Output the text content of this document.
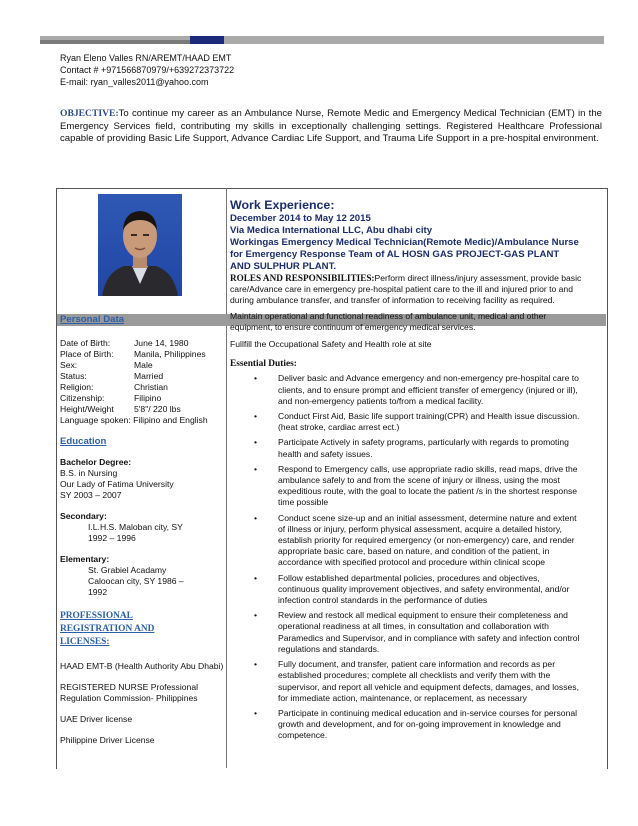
Ryan Eleno Valles RN/AREMT/HAAD EMT
Contact # +971566870979/+639272373722
E-mail: ryan_valles2011@yahoo.com
OBJECTIVE:To continue my career as an Ambulance Nurse, Remote Medic and Emergency Medical Technician (EMT) in the Emergency Services field, contributing my skills in exceptionally challenging settings. Registered Healthcare Professional capable of providing Basic Life Support, Advance Cardiac Life Support, and Trauma Life Support in a pre-hospital environment.
Personal Data
Date of Birth:	June 14, 1980
Place of Birth:	Manila, Philippines
Sex:	Male
Status:	Married
Religion:	Christian
Citizenship:	Filipino
Height/Weight	5'8"/ 220 lbs
Language spoken: Filipino and English
Education
Bachelor Degree:
B.S. in Nursing
Our Lady of Fatima University
SY 2003 – 2007
Secondary:
I.L.H.S. Maloban city, SY
1992 – 1996
Elementary:
St. Grabiel Acadamy
Caloocan city, SY 1986 –
1992
PROFESSIONAL
REGISTRATION AND
LICENSES:
HAAD EMT-B (Health Authority Abu Dhabi)
REGISTERED NURSE Professional Regulation Commission- Philippines
UAE Driver license
Philippine Driver License
Work Experience:
December 2014 to May 12 2015
Via Medica International LLC, Abu dhabi city
Workingas Emergency Medical Technician(Remote Medic)/Ambulance Nurse for Emergency Response Team of AL HOSN GAS PROJECT-GAS PLANT AND SULPHUR PLANT.
ROLES AND RESPONSIBILITIES:Perform direct illness/injury assessment, provide basic care/Advance care in emergency pre-hospital patient care to the ill and injured prior to and during ambulance transfer, and transfer of information to receiving facility as required.
Maintain operational and functional readiness of ambulance unit, medical and other equipment, to ensure continuum of emergency medical services.
Fullfill the Occupational Safety and Health role at site
Essential Duties:
• Deliver basic and Advance emergency and non-emergency pre-hospital care to clients, and to ensure prompt and efficient transfer of emergency (injured or ill), and non-emergency patients to/from a medical facility.
• Conduct First Aid, Basic life support training(CPR) and Health issue discussion. (heat stroke, cardiac arrest ect.)
• Participate Actively in safety programs, particularly with regards to promoting health and safety issues.
• Respond to Emergency calls, use appropriate radio skills, read maps, drive the ambulance safely to and from the scene of injury or illness, using the most expeditious route, with the goal to locate the patient /s in the shortest response time possible
• Conduct scene size-up and an initial assessment, determine nature and extent of illness or injury, perform physical assessment, acquire a detailed history, establish priority for required emergency (or non-emergency) care, and render appropriate basic care, based on nature, and condition of the patient, in accordance with specified protocol and procedure within clinical scope
• Follow established departmental policies, procedures and objectives, continuous quality improvement objectives, and safety environmental, and/or infection control standards in the performance of duties
• Review and restock all medical equipment to ensure their completeness and operational readiness at all times, in consultation and collaboration with Paramedics and Supervisor, and in compliance with safety and infection control regulations and standards.
• Fully document, and transfer, patient care information and records as per established procedures; complete all checklists and verify them with the supervisor, and report all vehicle and equipment defects, damages, and losses, for immediate action, maintenance, or replacement, as necessary
• Participate in continuing medical education and in-service courses for personal growth and development, and for on-going improvement in knowledge and competence.
